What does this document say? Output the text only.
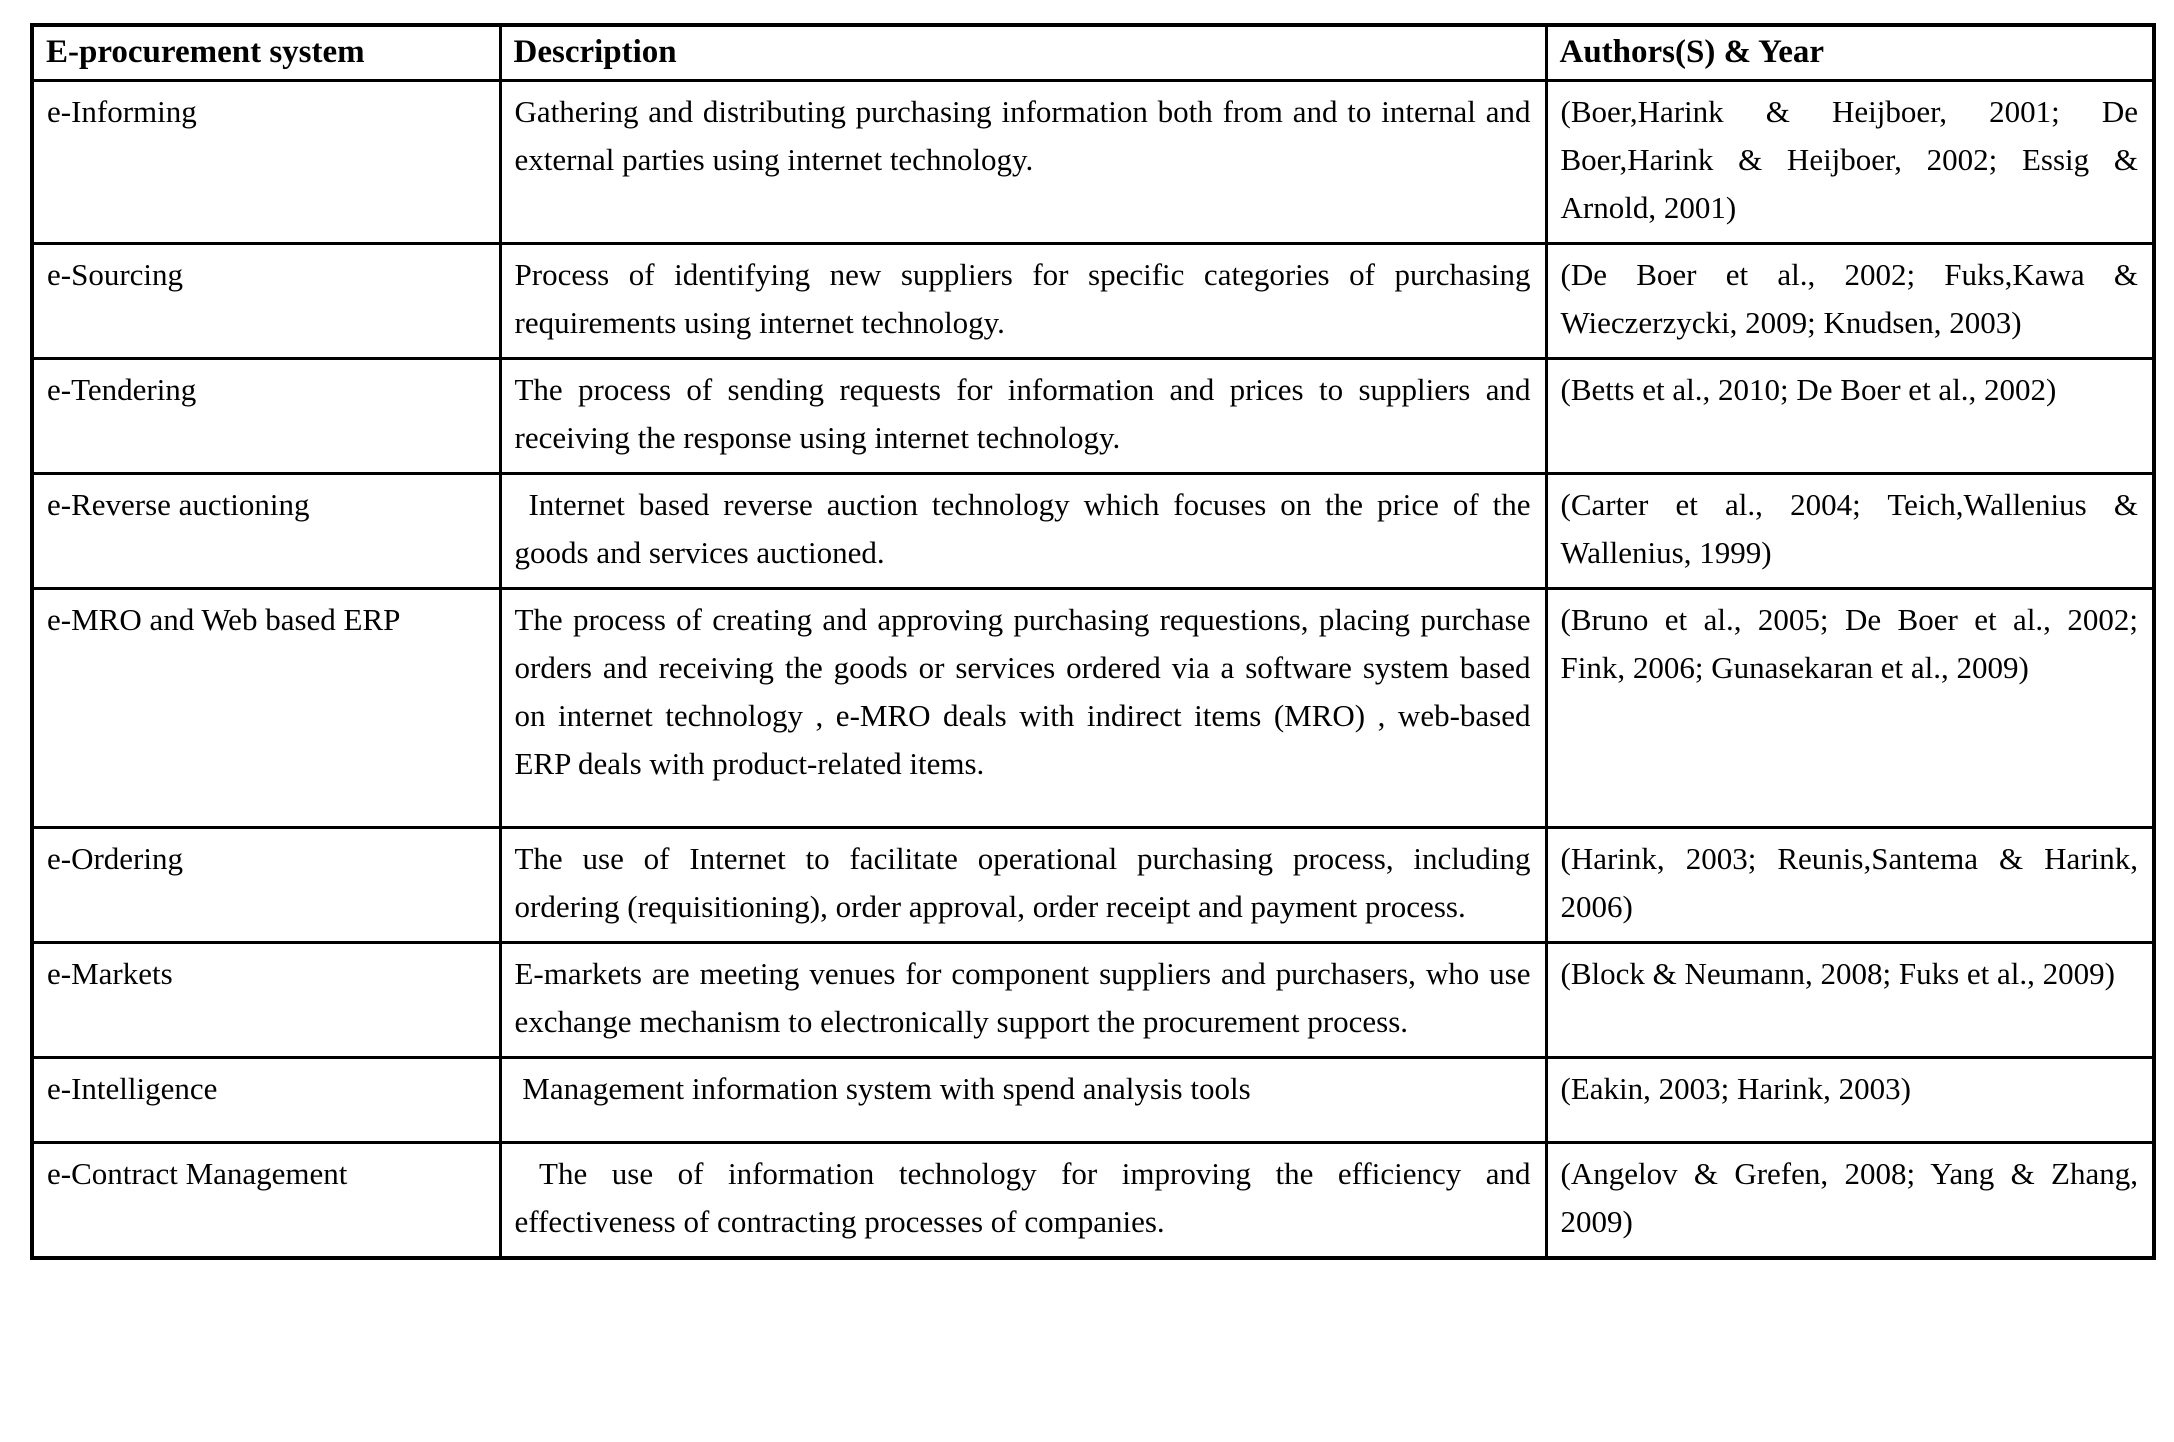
E-procurement system	Description	Authors(S) & Year
e-Informing	Gathering and distributing purchasing information both from and to internal and external parties using internet technology.	(Boer,Harink & Heijboer, 2001; De Boer,Harink & Heijboer, 2002; Essig & Arnold, 2001)
e-Sourcing	Process of identifying new suppliers for specific categories of purchasing requirements using internet technology.	(De Boer et al., 2002; Fuks,Kawa & Wieczerzycki, 2009; Knudsen, 2003)
e-Tendering	The process of sending requests for information and prices to suppliers and receiving the response using internet technology.	(Betts et al., 2010; De Boer et al., 2002)
e-Reverse auctioning	Internet based reverse auction technology which focuses on the price of the goods and services auctioned.	(Carter et al., 2004; Teich,Wallenius & Wallenius, 1999)
e-MRO and Web based ERP	The process of creating and approving purchasing requestions, placing purchase orders and receiving the goods or services ordered via a software system based on internet technology , e-MRO deals with indirect items (MRO) , web-based ERP deals with product-related items.	(Bruno et al., 2005; De Boer et al., 2002; Fink, 2006; Gunasekaran et al., 2009)
e-Ordering	The use of Internet to facilitate operational purchasing process, including ordering (requisitioning), order approval, order receipt and payment process.	(Harink, 2003; Reunis,Santema & Harink, 2006)
e-Markets	E-markets are meeting venues for component suppliers and purchasers, who use exchange mechanism to electronically support the procurement process.	(Block & Neumann, 2008; Fuks et al., 2009)
e-Intelligence	Management information system with spend analysis tools	(Eakin, 2003; Harink, 2003)
e-Contract Management	The use of information technology for improving the efficiency and effectiveness of contracting processes of companies.	(Angelov & Grefen, 2008; Yang & Zhang, 2009)
